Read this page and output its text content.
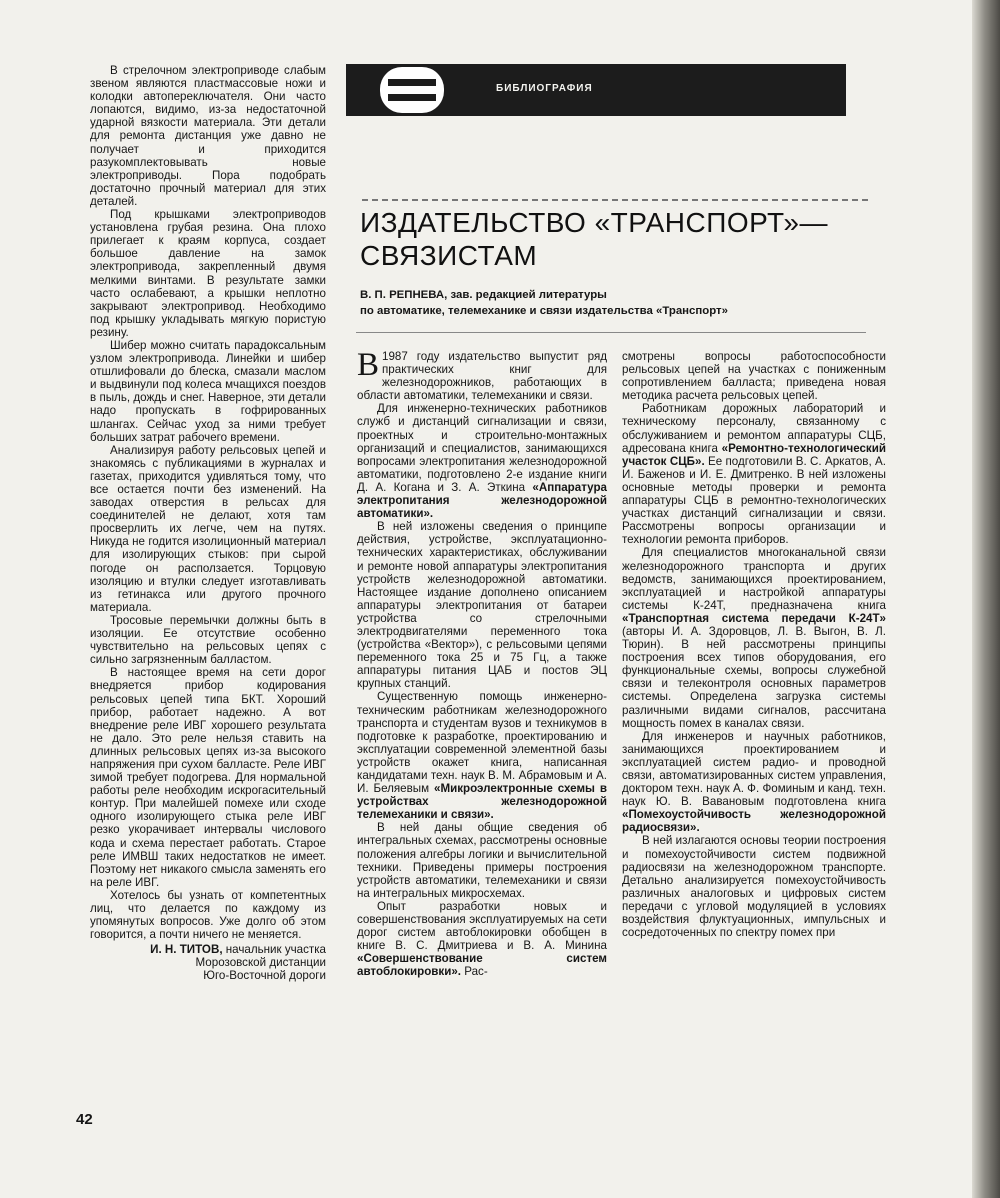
В стрелочном электроприводе слабым звеном являются пластмассовые ножи и колодки автопереключателя. Они часто лопаются, видимо, из-за недостаточной ударной вязкости материала. Эти детали для ремонта дистанция уже давно не получает и приходится разукомплектовывать новые электроприводы. Пора подобрать достаточно прочный материал для этих деталей.

Под крышками электроприводов установлена грубая резина. Она плохо прилегает к краям корпуса, создает большое давление на замок электропривода, закрепленный двумя мелкими винтами. В результате замки часто ослабевают, а крышки неплотно закрывают электропривод. Необходимо под крышку укладывать мягкую пористую резину.

Шибер можно считать парадоксальным узлом электропривода. Линейки и шибер отшлифовали до блеска, смазали маслом и выдвинули под колеса мчащихся поездов в пыль, дождь и снег. Наверное, эти детали надо пропускать в гофрированных шлангах. Сейчас уход за ними требует больших затрат рабочего времени.

Анализируя работу рельсовых цепей и знакомясь с публикациями в журналах и газетах, приходится удивляться тому, что все остается почти без изменений. На заводах отверстия в рельсах для соединителей не делают, хотя там просверлить их легче, чем на путях. Никуда не годится изолиционный материал для изолирующих стыков: при сырой погоде он расползается. Торцовую изоляцию и втулки следует изготавливать из гетинакса или другого прочного материала.

Тросовые перемычки должны быть в изоляции. Ее отсутствие особенно чувствительно на рельсовых цепях с сильно загрязненным балластом.

В настоящее время на сети дорог внедряется прибор кодирования рельсовых цепей типа БКТ. Хороший прибор, работает надежно. А вот внедрение реле ИВГ хорошего результата не дало. Это реле нельзя ставить на длинных рельсовых цепях из-за высокого напряжения при сухом балласте. Реле ИВГ зимой требует подогрева. Для нормальной работы реле необходим искрогасительный контур. При малейшей помехе или сходе одного изолирующего стыка реле ИВГ резко укорачивает интервалы числового кода и схема перестает работать. Старое реле ИМВШ таких недостатков не имеет. Поэтому нет никакого смысла заменять его на реле ИВГ.

Хотелось бы узнать от компетентных лиц, что делается по каждому из упомянутых вопросов. Уже долго об этом говорится, а почти ничего не меняется.

И. Н. ТИТОВ, начальник участка
Морозовской дистанции
Юго-Восточной дороги
БИБЛИОГРАФИЯ
ИЗДАТЕЛЬСТВО «ТРАНСПОРТ»—
СВЯЗИСТАМ

В. П. РЕПНЕВА, зав. редакцией литературы
по автоматике, телемеханике и связи издательства «Транспорт»

В 1987 году издательство выпустит ряд практических книг для железнодорожников, работающих в области автоматики, телемеханики и связи.

Для инженерно-технических работников служб и дистанций сигнализации и связи, проектных и строительно-монтажных организаций и специалистов, занимающихся вопросами электропитания железнодорожной автоматики, подготовлено 2-е издание книги Д. А. Когана и З. А. Эткина «Аппаратура электропитания железнодорожной автоматики».

В ней изложены сведения о принципе действия, устройстве, эксплуатационно-технических характеристиках, обслуживании и ремонте новой аппаратуры электропитания устройств железнодорожной автоматики. Настоящее издание дополнено описанием аппаратуры электропитания от батареи устройства со стрелочными электродвигателями переменного тока (устройства «Вектор»), с рельсовыми цепями переменного тока 25 и 75 Гц, а также аппаратуры питания ЦАБ и постов ЭЦ крупных станций.

Существенную помощь инженерно-техническим работникам железнодорожного транспорта и студентам вузов и техникумов в подготовке к разработке, проектированию и эксплуатации современной элементной базы устройств окажет книга, написанная кандидатами техн. наук В. М. Абрамовым и А. И. Беляевым «Микроэлектронные схемы в устройствах железнодорожной телемеханики и связи».

В ней даны общие сведения об интегральных схемах, рассмотрены основные положения алгебры логики и вычислительной техники. Приведены примеры построения устройств автоматики, телемеханики и связи на интегральных микросхемах.

Опыт разработки новых и совершенствования эксплуатируемых на сети дорог систем автоблокировки обобщен в книге В. С. Дмитриева и В. А. Минина «Совершенствование систем автоблокировки». Рас-

смотрены вопросы работоспособности рельсовых цепей на участках с пониженным сопротивлением балласта; приведена новая методика расчета рельсовых цепей.

Работникам дорожных лабораторий и техническому персоналу, связанному с обслуживанием и ремонтом аппаратуры СЦБ, адресована книга «Ремонтно-технологический участок СЦБ». Ее подготовили В. С. Аркатов, А. И. Баженов и И. Е. Дмитренко. В ней изложены основные методы проверки и ремонта аппаратуры СЦБ в ремонтно-технологических участках дистанций сигнализации и связи. Рассмотрены вопросы организации и технологии ремонта приборов.

Для специалистов многоканальной связи железнодорожного транспорта и других ведомств, занимающихся проектированием, эксплуатацией и настройкой аппаратуры системы К-24Т, предназначена книга «Транспортная система передачи К-24Т» (авторы И. А. Здоровцов, Л. В. Выгон, В. Л. Тюрин). В ней рассмотрены принципы построения всех типов оборудования, его функциональные схемы, вопросы служебной связи и телеконтроля основных параметров системы. Определена загрузка системы различными видами сигналов, рассчитана мощность помех в каналах связи.

Для инженеров и научных работников, занимающихся проектированием и эксплуатацией систем радио- и проводной связи, автоматизированных систем управления, доктором техн. наук А. Ф. Фоминым и канд. техн. наук Ю. В. Вавановым подготовлена книга «Помехоустойчивость железнодорожной радиосвязи».

В ней излагаются основы теории построения и помехоустойчивости систем подвижной радиосвязи на железнодорожном транспорте. Детально анализируется помехоустойчивость различных аналоговых и цифровых систем передачи с угловой модуляцией в условиях воздействия флуктуационных, импульсных и сосредоточенных по спектру помех при

42
